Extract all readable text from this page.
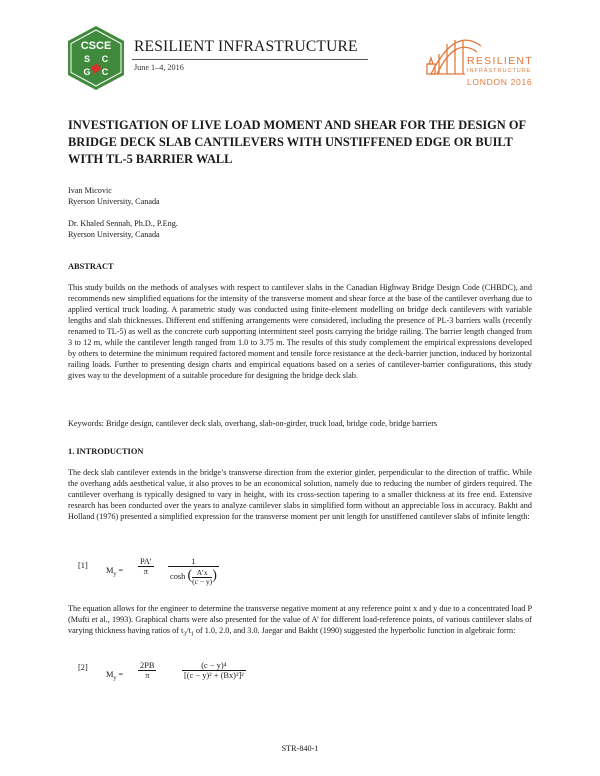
CSCE
S C
G C
RESILIENT INFRASTRUCTURE
June 1–4, 2016
RESILIENT
INFRASTRUCTURE
LONDON 2016
INVESTIGATION OF LIVE LOAD MOMENT AND SHEAR FOR THE DESIGN OF BRIDGE DECK SLAB CANTILEVERS WITH UNSTIFFENED EDGE OR BUILT WITH TL-5 BARRIER WALL
Ivan Micovic
Ryerson University, Canada
Dr. Khaled Sennah, Ph.D., P.Eng.
Ryerson University, Canada
ABSTRACT
This study builds on the methods of analyses with respect to cantilever slabs in the Canadian Highway Bridge Design Code (CHBDC), and recommends new simplified equations for the intensity of the transverse moment and shear force at the base of the cantilever overhang due to applied vertical truck loading. A parametric study was conducted using finite-element modelling on bridge deck cantilevers with variable lengths and slab thicknesses. Different end stiffening arrangements were considered, including the presence of PL-3 barriers walls (recently renamed to TL-5) as well as the concrete curb supporting intermittent steel posts carrying the bridge railing. The barrier length changed from 3 to 12 m, while the cantilever length ranged from 1.0 to 3.75 m. The results of this study complement the empirical expressions developed by others to determine the minimum required factored moment and tensile force resistance at the deck-barrier junction, induced by horizontal railing loads. Further to presenting design charts and empirical equations based on a series of cantilever-barrier configurations, this study gives way to the development of a suitable procedure for designing the bridge deck slab.
Keywords: Bridge design, cantilever deck slab, overhang, slab-on-girder, truck load, bridge code, bridge barriers
1. INTRODUCTION
The deck slab cantilever extends in the bridge’s transverse direction from the exterior girder, perpendicular to the direction of traffic. While the overhang adds aesthetical value, it also proves to be an economical solution, namely due to reducing the number of girders required. The cantilever overhang is typically designed to vary in height, with its cross-section tapering to a smaller thickness at its free end. Extensive research has been conducted over the years to analyze cantilever slabs in simplified form without an appreciable loss in accuracy. Bakht and Holland (1976) presented a simplified expression for the transverse moment per unit length for unstiffened cantilever slabs of infinite length:
[1]
$M_y = \frac{PA’}{\pi} \frac{1}{\cosh ( \frac{A’x}{(c - y)} )}$
The equation allows for the engineer to determine the transverse negative moment at any reference point x and y due to a concentrated load P (Mufti et al., 1993). Graphical charts were also presented for the value of A’ for different load-reference points, of various cantilever slabs of varying thickness having ratios of $t_3/t_1$ of 1.0, 2.0, and 3.0. Jaegar and Bakht (1990) suggested the hyperbolic function in algebraic form:
[2]
$M_y = \frac{2PB}{\pi}$	$\frac{\text{(c − y)⁴}}{\text{[(c − y)² + (Bx)²]²}}$
STR-840-1
